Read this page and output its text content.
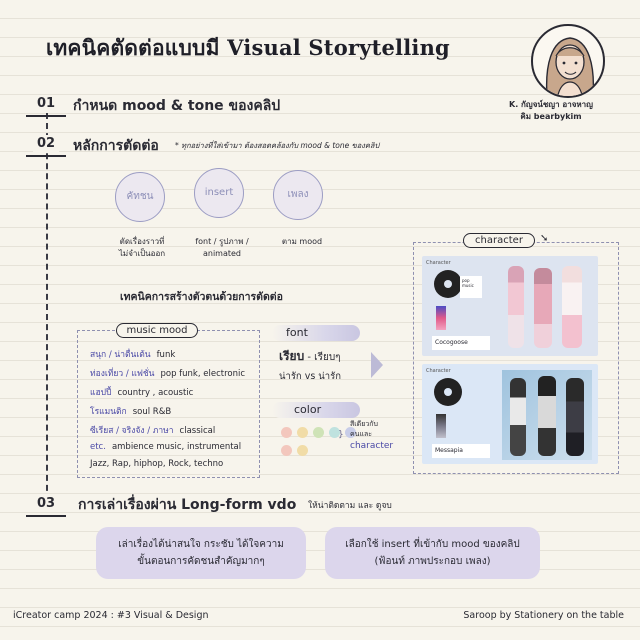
เทคนิคตัดต่อแบบมี Visual Storytelling
K. กัญจน์ชญา อาจหาญ
คิม bearbykim
01 กำหนด mood & tone ของคลิป
02 หลักการตัดต่อ * ทุกอย่างที่ใส่เข้ามา ต้องสอดคล้องกับ mood & tone ของคลิป
คัทชน	insert	เพลง
ตัดเรื่องราวที่
ไม่จำเป็นออก
font / รูปภาพ /
animated
ตาม mood
เทคนิคการสร้างตัวตนด้วยการตัดต่อ
music mood
สนุก / น่าตื่นเต้น funk
ท่องเที่ยว / แฟชั่น pop funk, electronic
แฮปปี้ country , acoustic
โรแมนติก soul R&B
ซีเรียส / จริงจัง / ภาษา classical
etc. ambience music, instrumental
Jazz, Rap, hiphop, Rock, techno
font
เรียบ - เรียบๆ
น่ารัก vs น่ารัก
color
}
สีเดียวกับ
คนและ
character
character	➘
Character
pop music
Cocogoose
Character
Messapia
03 การเล่าเรื่องผ่าน Long-form vdo ให้น่าติดตาม และ ดูจบ
เล่าเรื่องได้น่าสนใจ กระชับ ได้ใจความ
ขั้นตอนการคัดชนสำคัญมากๆ
เลือกใช้ insert ที่เข้ากับ mood ของคลิป
(ฟ้อนท์ ภาพประกอบ เพลง)
iCreator camp 2024 : #3 Visual & Design	Saroop by Stationery on the table
